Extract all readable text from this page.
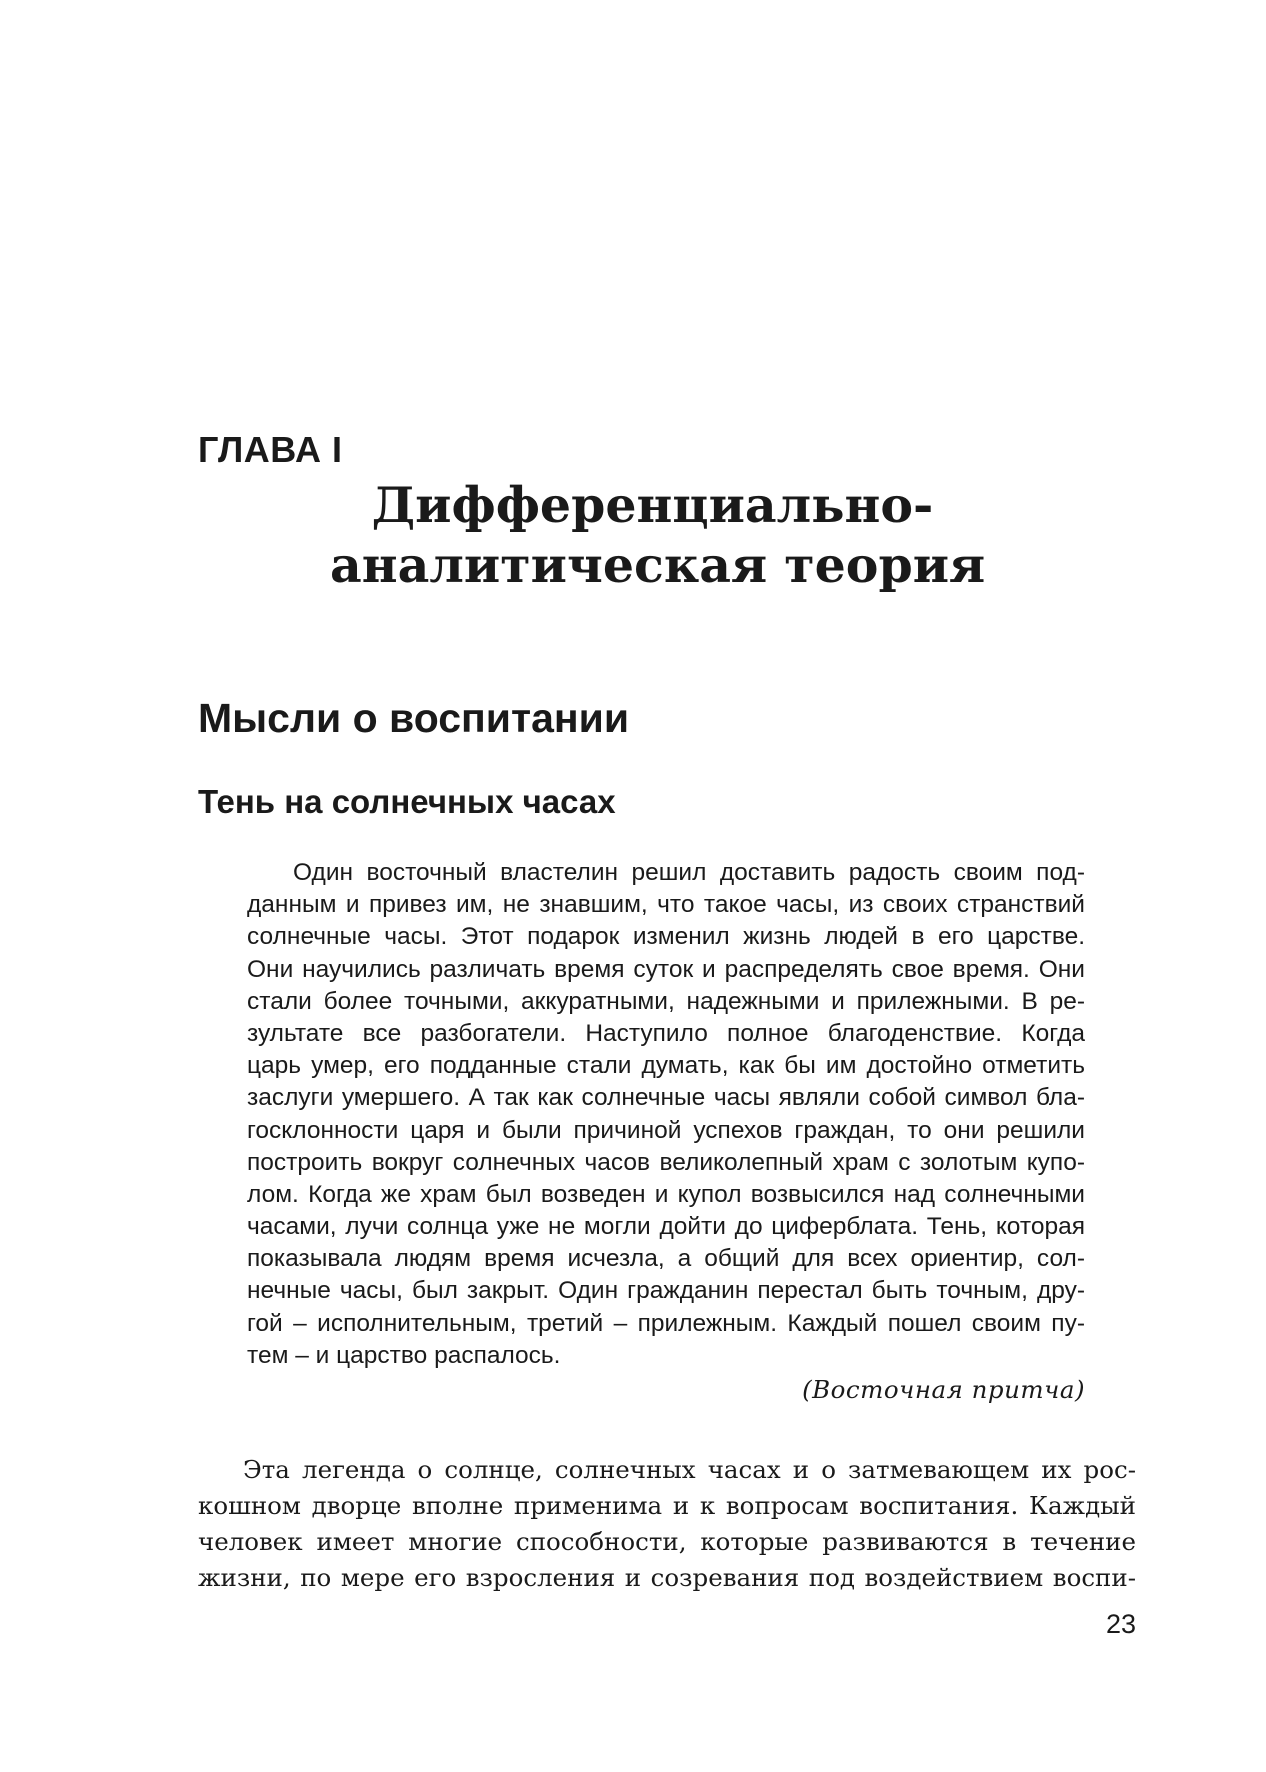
ГЛАВА I
Дифференциально-
аналитическая теория
Мысли о воспитании
Тень на солнечных часах
Один восточный властелин решил доставить радость своим под-
данным и привез им, не знавшим, что такое часы, из своих странствий
солнечные часы. Этот подарок изменил жизнь людей в его царстве.
Они научились различать время суток и распределять свое время. Они
стали более точными, аккуратными, надежными и прилежными. В ре-
зультате все разбогатели. Наступило полное благоденствие. Когда
царь умер, его подданные стали думать, как бы им достойно отметить
заслуги умершего. А так как солнечные часы являли собой символ бла-
госклонности царя и были причиной успехов граждан, то они решили
построить вокруг солнечных часов великолепный храм с золотым купо-
лом. Когда же храм был возведен и купол возвысился над солнечными
часами, лучи солнца уже не могли дойти до циферблата. Тень, которая
показывала людям время исчезла, а общий для всех ориентир, сол-
нечные часы, был закрыт. Один гражданин перестал быть точным, дру-
гой – исполнительным, третий – прилежным. Каждый пошел своим пу-
тем – и царство распалось.

(Восточная притча)

Эта легенда о солнце, солнечных часах и о затмевающем их рос-
кошном дворце вполне применима и к вопросам воспитания. Каждый
человек имеет многие способности, которые развиваются в течение
жизни, по мере его взросления и созревания под воздействием воспи-

23
